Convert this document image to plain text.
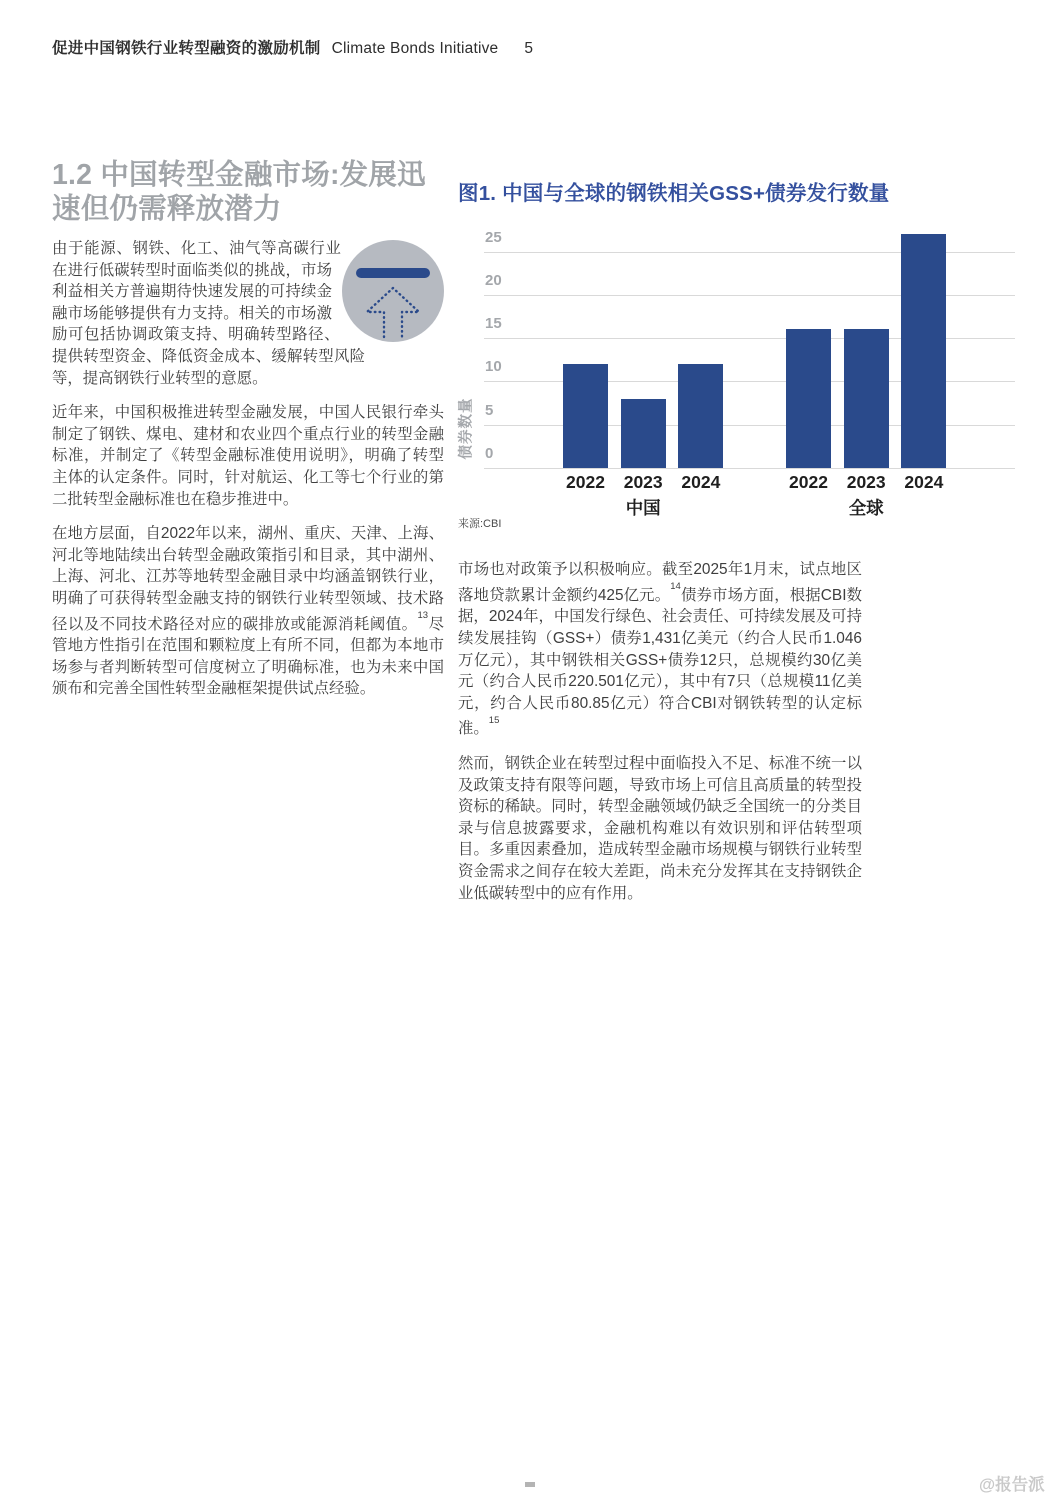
促进中国钢铁行业转型融资的激励机制 Climate Bonds Initiative 5
1.2 中国转型金融市场:发展迅速但仍需释放潜力
由于能源、钢铁、化工、油气等高碳行业在进行低碳转型时面临类似的挑战，市场利益相关方普遍期待快速发展的可持续金融市场能够提供有力支持。相关的市场激励可包括协调政策支持、明确转型路径、提供转型资金、降低资金成本、缓解转型风险等，提高钢铁行业转型的意愿。
近年来，中国积极推进转型金融发展，中国人民银行牵头制定了钢铁、煤电、建材和农业四个重点行业的转型金融标准，并制定了《转型金融标准使用说明》，明确了转型主体的认定条件。同时，针对航运、化工等七个行业的第二批转型金融标准也在稳步推进中。
在地方层面，自2022年以来，湖州、重庆、天津、上海、河北等地陆续出台转型金融政策指引和目录，其中湖州、上海、河北、江苏等地转型金融目录中均涵盖钢铁行业，明确了可获得转型金融支持的钢铁行业转型领域、技术路径以及不同技术路径对应的碳排放或能源消耗阈值。$^{13}$尽管地方性指引在范围和颗粒度上有所不同，但都为本地市场参与者判断转型可信度树立了明确标准，也为未来中国颁布和完善全国性转型金融框架提供试点经验。
图1. 中国与全球的钢铁相关GSS+债券发行数量
债券数量
来源:CBI
0
5
10
15
20
25
2022	2023	2024
中国
2022	2023	2024
全球
市场也对政策予以积极响应。截至2025年1月末，试点地区落地贷款累计金额约425亿元。$^{14}$债券市场方面，根据CBI数据，2024年，中国发行绿色、社会责任、可持续发展及可持续发展挂钩（GSS+）债券1,431亿美元（约合人民币1.046万亿元），其中钢铁相关GSS+债券12只，总规模约30亿美元（约合人民币220.501亿元），其中有7只（总规模11亿美元，约合人民币80.85亿元）符合CBI对钢铁转型的认定标准。$^{15}$
然而，钢铁企业在转型过程中面临投入不足、标准不统一以及政策支持有限等问题，导致市场上可信且高质量的转型投资标的稀缺。同时，转型金融领域仍缺乏全国统一的分类目录与信息披露要求，金融机构难以有效识别和评估转型项目。多重因素叠加，造成转型金融市场规模与钢铁行业转型资金需求之间存在较大差距，尚未充分发挥其在支持钢铁企业低碳转型中的应有作用。
@报告派
